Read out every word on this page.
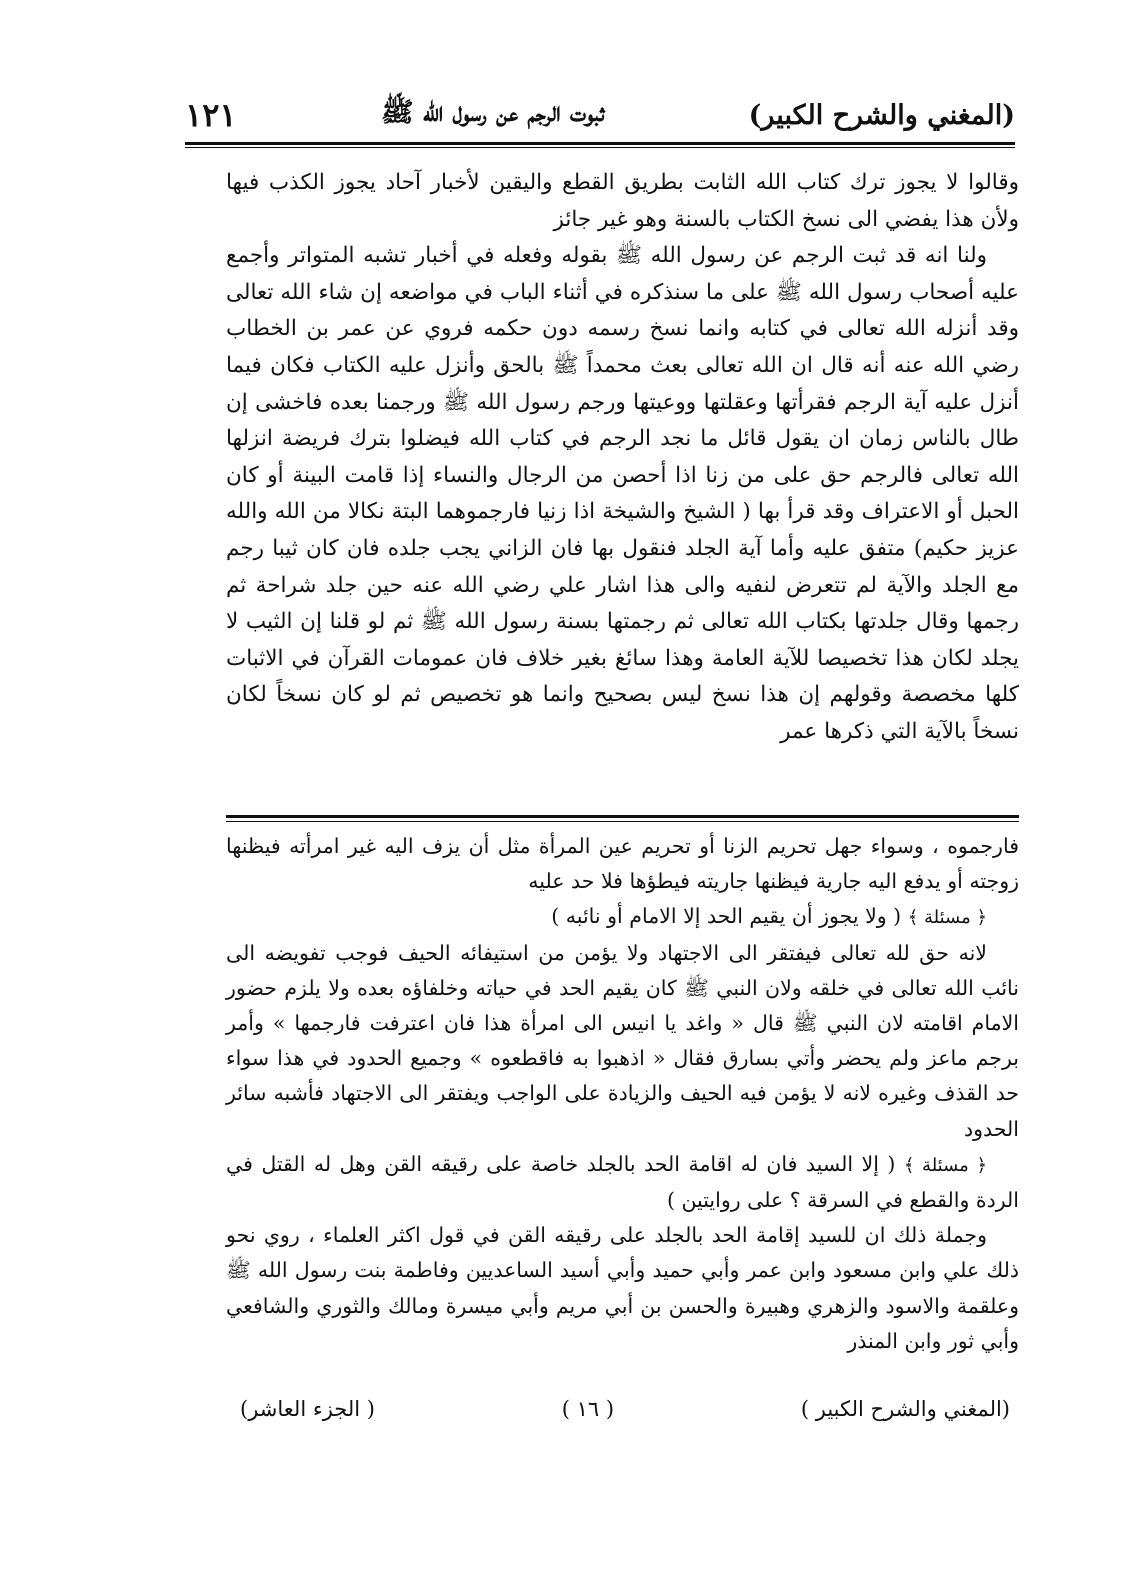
(المغني والشرح الكبير)
ثبوت الرجم عن رسول الله ﷺ
١٢١

وقالوا لا يجوز ترك كتاب الله الثابت بطريق القطع واليقين لأخبار آحاد يجوز الكذب فيها ولأن هذا يفضي الى نسخ الكتاب بالسنة وهو غير جائز

ولنا انه قد ثبت الرجم عن رسول الله ﷺ بقوله وفعله في أخبار تشبه المتواتر وأجمع عليه أصحاب رسول الله ﷺ على ما سنذكره في أثناء الباب في مواضعه إن شاء الله تعالى وقد أنزله الله تعالى في كتابه وانما نسخ رسمه دون حكمه فروي عن عمر بن الخطاب رضي الله عنه أنه قال ان الله تعالى بعث محمداً ﷺ بالحق وأنزل عليه الكتاب فكان فيما أنزل عليه آية الرجم فقرأتها وعقلتها ووعيتها ورجم رسول الله ﷺ ورجمنا بعده فاخشى إن طال بالناس زمان ان يقول قائل ما نجد الرجم في كتاب الله فيضلوا بترك فريضة انزلها الله تعالى فالرجم حق على من زنا اذا أحصن من الرجال والنساء إذا قامت البينة أو كان الحبل أو الاعتراف وقد قرأ بها ( الشيخ والشيخة اذا زنيا فارجموهما البتة نكالا من الله والله عزيز حكيم) متفق عليه وأما آية الجلد فنقول بها فان الزاني يجب جلده فان كان ثيبا رجم مع الجلد والآية لم تتعرض لنفيه والى هذا اشار علي رضي الله عنه حين جلد شراحة ثم رجمها وقال جلدتها بكتاب الله تعالى ثم رجمتها بسنة رسول الله ﷺ ثم لو قلنا إن الثيب لا يجلد لكان هذا تخصيصا للآية العامة وهذا سائغ بغير خلاف فان عمومات القرآن في الاثبات كلها مخصصة وقولهم إن هذا نسخ ليس بصحيح وانما هو تخصيص ثم لو كان نسخاً لكان نسخاً بالآية التي ذكرها عمر

فارجموه ، وسواء جهل تحريم الزنا أو تحريم عين المرأة مثل أن يزف اليه غير امرأته فيظنها زوجته أو يدفع اليه جارية فيظنها جاريته فيطؤها فلا حد عليه

﴿ مسئلة ﴾ ( ولا يجوز أن يقيم الحد إلا الامام أو نائبه )

لانه حق لله تعالى فيفتقر الى الاجتهاد ولا يؤمن من استيفائه الحيف فوجب تفويضه الى نائب الله تعالى في خلقه ولان النبي ﷺ كان يقيم الحد في حياته وخلفاؤه بعده ولا يلزم حضور الامام اقامته لان النبي ﷺ قال « واغد يا انيس الى امرأة هذا فان اعترفت فارجمها » وأمر برجم ماعز ولم يحضر وأتي بسارق فقال « اذهبوا به فاقطعوه » وجميع الحدود في هذا سواء حد القذف وغيره لانه لا يؤمن فيه الحيف والزيادة على الواجب ويفتقر الى الاجتهاد فأشبه سائر الحدود

﴿ مسئلة ﴾ ( إلا السيد فان له اقامة الحد بالجلد خاصة على رقيقه القن وهل له القتل في الردة والقطع في السرقة ؟ على روايتين )

وجملة ذلك ان للسيد إقامة الحد بالجلد على رقيقه القن في قول اكثر العلماء ، روي نحو ذلك علي وابن مسعود وابن عمر وأبي حميد وأبي أسيد الساعديين وفاطمة بنت رسول الله ﷺ وعلقمة والاسود والزهري وهبيرة والحسن بن أبي مريم وأبي ميسرة ومالك والثوري والشافعي وأبي ثور وابن المنذر

(المغني والشرح الكبير )
( ١٦ )
( الجزء العاشر)
